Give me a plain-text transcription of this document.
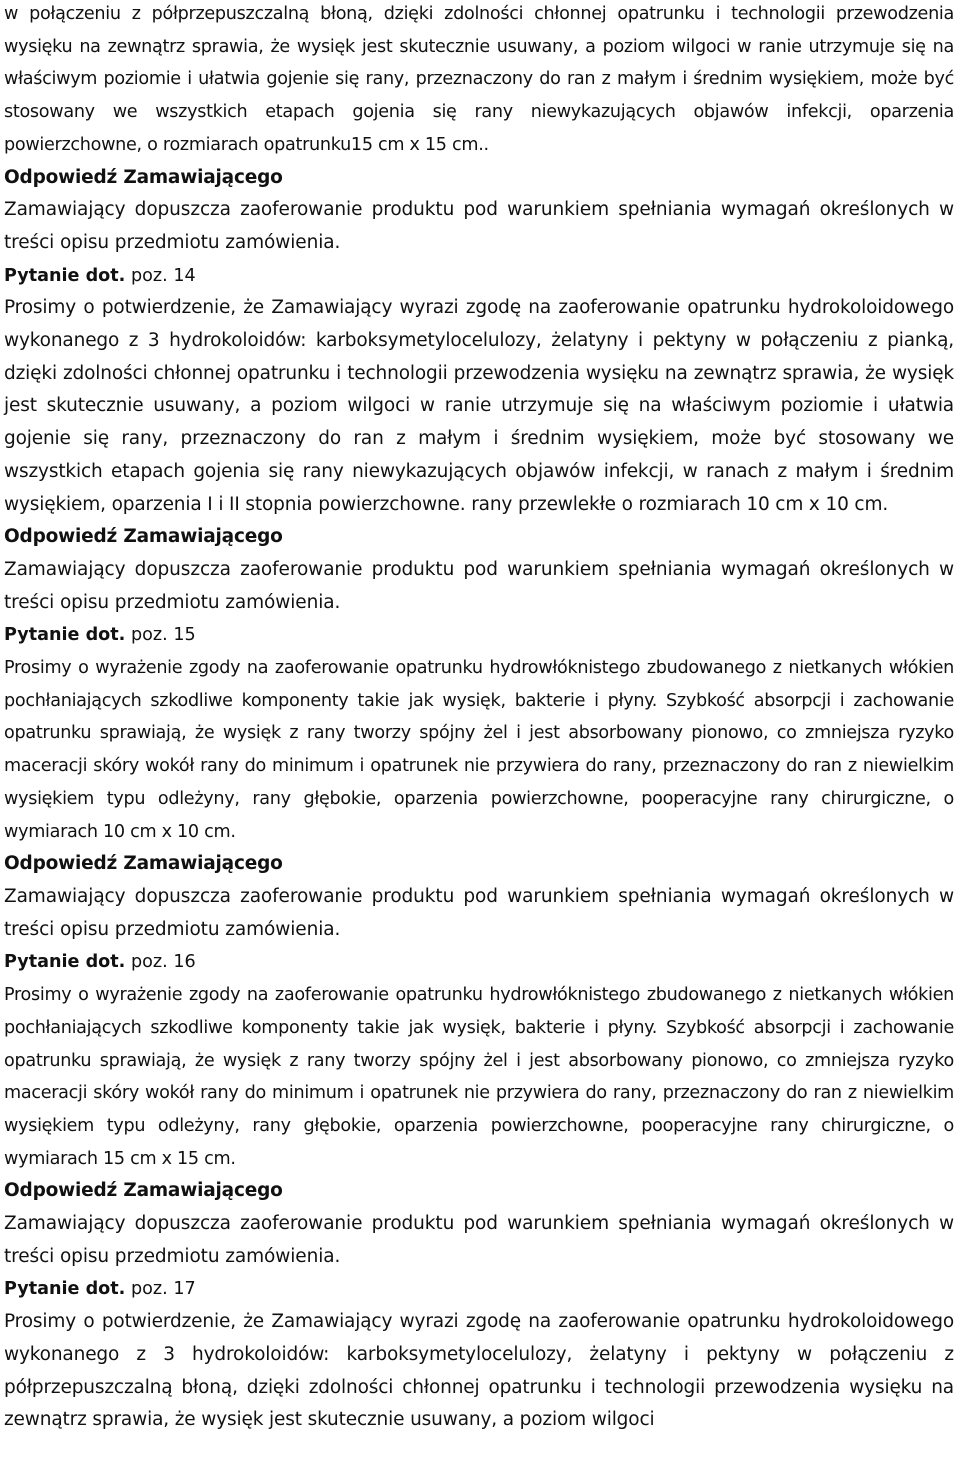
w połączeniu z półprzepuszczalną błoną, dzięki zdolności chłonnej opatrunku i technologii przewodzenia wysięku na zewnątrz sprawia, że wysięk jest skutecznie usuwany, a poziom wilgoci w ranie utrzymuje się na właściwym poziomie i ułatwia gojenie się rany, przeznaczony do ran z małym i średnim wysiękiem, może być stosowany we wszystkich etapach gojenia się rany niewykazujących objawów infekcji, oparzenia powierzchowne, o rozmiarach opatrunku15 cm x 15 cm..

Odpowiedź Zamawiającego

Zamawiający dopuszcza zaoferowanie produktu pod warunkiem spełniania wymagań określonych w treści opisu przedmiotu zamówienia.

Pytanie dot. poz. 14

Prosimy o potwierdzenie, że Zamawiający wyrazi zgodę na zaoferowanie opatrunku hydrokoloidowego wykonanego z 3 hydrokoloidów: karboksymetylocelulozy, żelatyny i pektyny w połączeniu z pianką, dzięki zdolności chłonnej opatrunku i technologii przewodzenia wysięku na zewnątrz sprawia, że wysięk jest skutecznie usuwany, a poziom wilgoci w ranie utrzymuje się na właściwym poziomie i ułatwia gojenie się rany, przeznaczony do ran z małym i średnim wysiękiem, może być stosowany we wszystkich etapach gojenia się rany niewykazujących objawów infekcji, w ranach z małym i średnim wysiękiem, oparzenia I i II stopnia powierzchowne. rany przewlekłe o rozmiarach 10 cm x 10 cm.

Odpowiedź Zamawiającego

Zamawiający dopuszcza zaoferowanie produktu pod warunkiem spełniania wymagań określonych w treści opisu przedmiotu zamówienia.

Pytanie dot. poz. 15

Prosimy o wyrażenie zgody na zaoferowanie opatrunku hydrowłóknistego zbudowanego z nietkanych włókien pochłaniających szkodliwe komponenty takie jak wysięk, bakterie i płyny. Szybkość absorpcji i zachowanie opatrunku sprawiają, że wysięk z rany tworzy spójny żel i jest absorbowany pionowo, co zmniejsza ryzyko maceracji skóry wokół rany do minimum i opatrunek nie przywiera do rany, przeznaczony do ran z niewielkim wysiękiem typu odleżyny, rany głębokie, oparzenia powierzchowne, pooperacyjne rany chirurgiczne, o wymiarach 10 cm x 10 cm.

Odpowiedź Zamawiającego

Zamawiający dopuszcza zaoferowanie produktu pod warunkiem spełniania wymagań określonych w treści opisu przedmiotu zamówienia.

Pytanie dot. poz. 16

Prosimy o wyrażenie zgody na zaoferowanie opatrunku hydrowłóknistego zbudowanego z nietkanych włókien pochłaniających szkodliwe komponenty takie jak wysięk, bakterie i płyny. Szybkość absorpcji i zachowanie opatrunku sprawiają, że wysięk z rany tworzy spójny żel i jest absorbowany pionowo, co zmniejsza ryzyko maceracji skóry wokół rany do minimum i opatrunek nie przywiera do rany, przeznaczony do ran z niewielkim wysiękiem typu odleżyny, rany głębokie, oparzenia powierzchowne, pooperacyjne rany chirurgiczne, o wymiarach 15 cm x 15 cm.

Odpowiedź Zamawiającego

Zamawiający dopuszcza zaoferowanie produktu pod warunkiem spełniania wymagań określonych w treści opisu przedmiotu zamówienia.

Pytanie dot. poz. 17

Prosimy o potwierdzenie, że Zamawiający wyrazi zgodę na zaoferowanie opatrunku hydrokoloidowego wykonanego z 3 hydrokoloidów: karboksymetylocelulozy, żelatyny i pektyny w połączeniu z półprzepuszczalną błoną, dzięki zdolności chłonnej opatrunku i technologii przewodzenia wysięku na zewnątrz sprawia, że wysięk jest skutecznie usuwany, a poziom wilgoci
